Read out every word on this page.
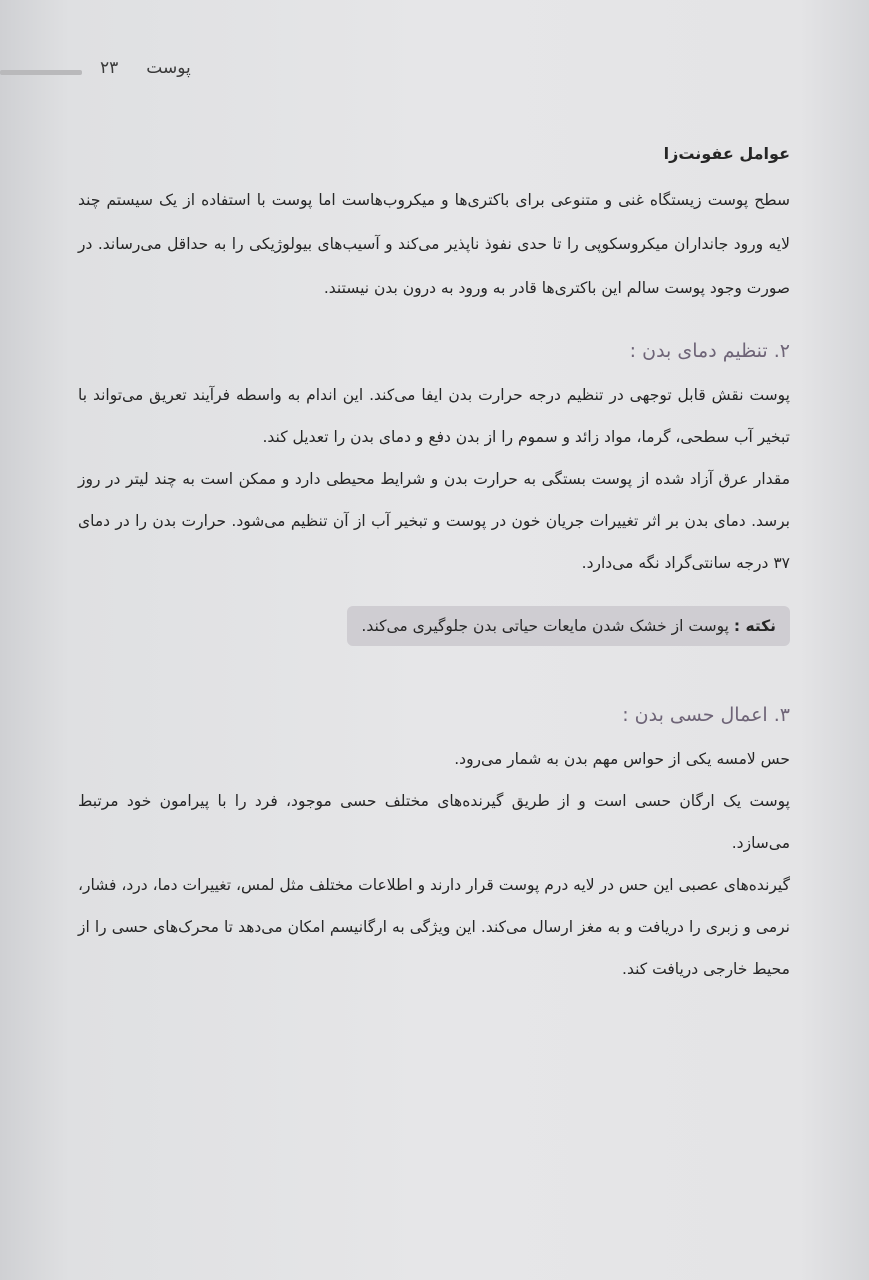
پوست
۲۳
عوامل عفونت‌زا

سطح پوست زیستگاه غنی و متنوعی برای باکتری‌ها و میکروب‌هاست اما پوست با استفاده از یک سیستم چند لایه ورود جانداران میکروسکوپی را تا حدی نفوذ ناپذیر می‌کند و آسیب‌های بیولوژیکی را به حداقل می‌رساند. در صورت وجود پوست سالم این باکتری‌ها قادر به ورود به درون بدن نیستند.

۲. تنظیم دمای بدن :

پوست نقش قابل توجهی در تنظیم درجه حرارت بدن ایفا می‌کند. این اندام به واسطه فرآیند تعریق می‌تواند با تبخیر آب سطحی، گرما، مواد زائد و سموم را از بدن دفع و دمای بدن را تعدیل کند.

مقدار عرق آزاد شده از پوست بستگی به حرارت بدن و شرایط محیطی دارد و ممکن است به چند لیتر در روز برسد. دمای بدن بر اثر تغییرات جریان خون در پوست و تبخیر آب از آن تنظیم می‌شود. حرارت بدن را در دمای ۳۷ درجه سانتی‌گراد نگه می‌دارد.

نکته : پوست از خشک شدن مایعات حیاتی بدن جلوگیری می‌کند.
۳. اعمال حسی بدن :

حس لامسه یکی از حواس مهم بدن به شمار می‌رود.

پوست یک ارگان حسی است و از طریق گیرنده‌های مختلف حسی موجود، فرد را با پیرامون خود مرتبط می‌سازد.

گیرنده‌های عصبی این حس در لایه درم پوست قرار دارند و اطلاعات مختلف مثل لمس، تغییرات دما، درد، فشار، نرمی و زبری را دریافت و به مغز ارسال می‌کند. این ویژگی به ارگانیسم امکان می‌دهد تا محرک‌های حسی را از محیط خارجی دریافت کند.
